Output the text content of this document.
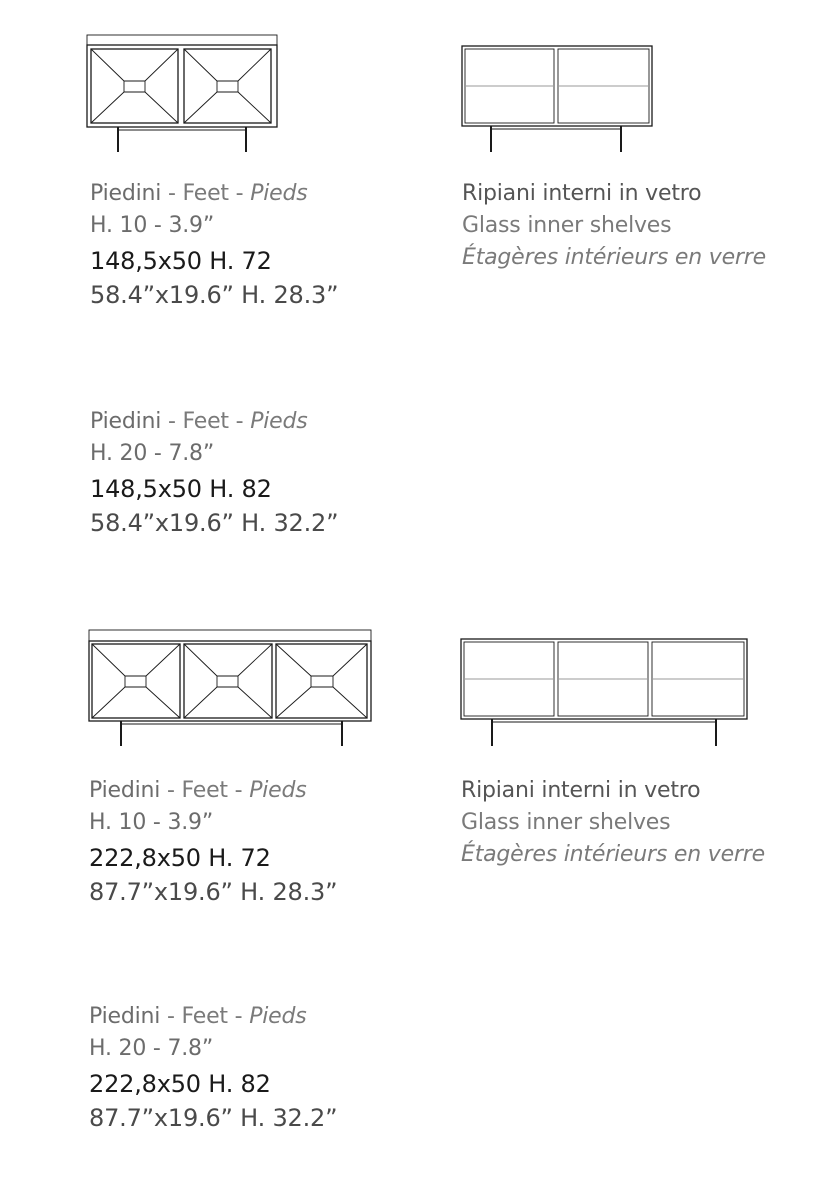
Piedini - Feet - Pieds
H. 10 - 3.9”
148,5x50 H. 72
58.4”x19.6” H. 28.3”
Ripiani interni in vetro
Glass inner shelves
Étagères intérieurs en verre
Piedini - Feet - Pieds
H. 20 - 7.8”
148,5x50 H. 82
58.4”x19.6” H. 32.2”
Piedini - Feet - Pieds
H. 10 - 3.9”
222,8x50 H. 72
87.7”x19.6” H. 28.3”
Ripiani interni in vetro
Glass inner shelves
Étagères intérieurs en verre
Piedini - Feet - Pieds
H. 20 - 7.8”
222,8x50 H. 82
87.7”x19.6” H. 32.2”
